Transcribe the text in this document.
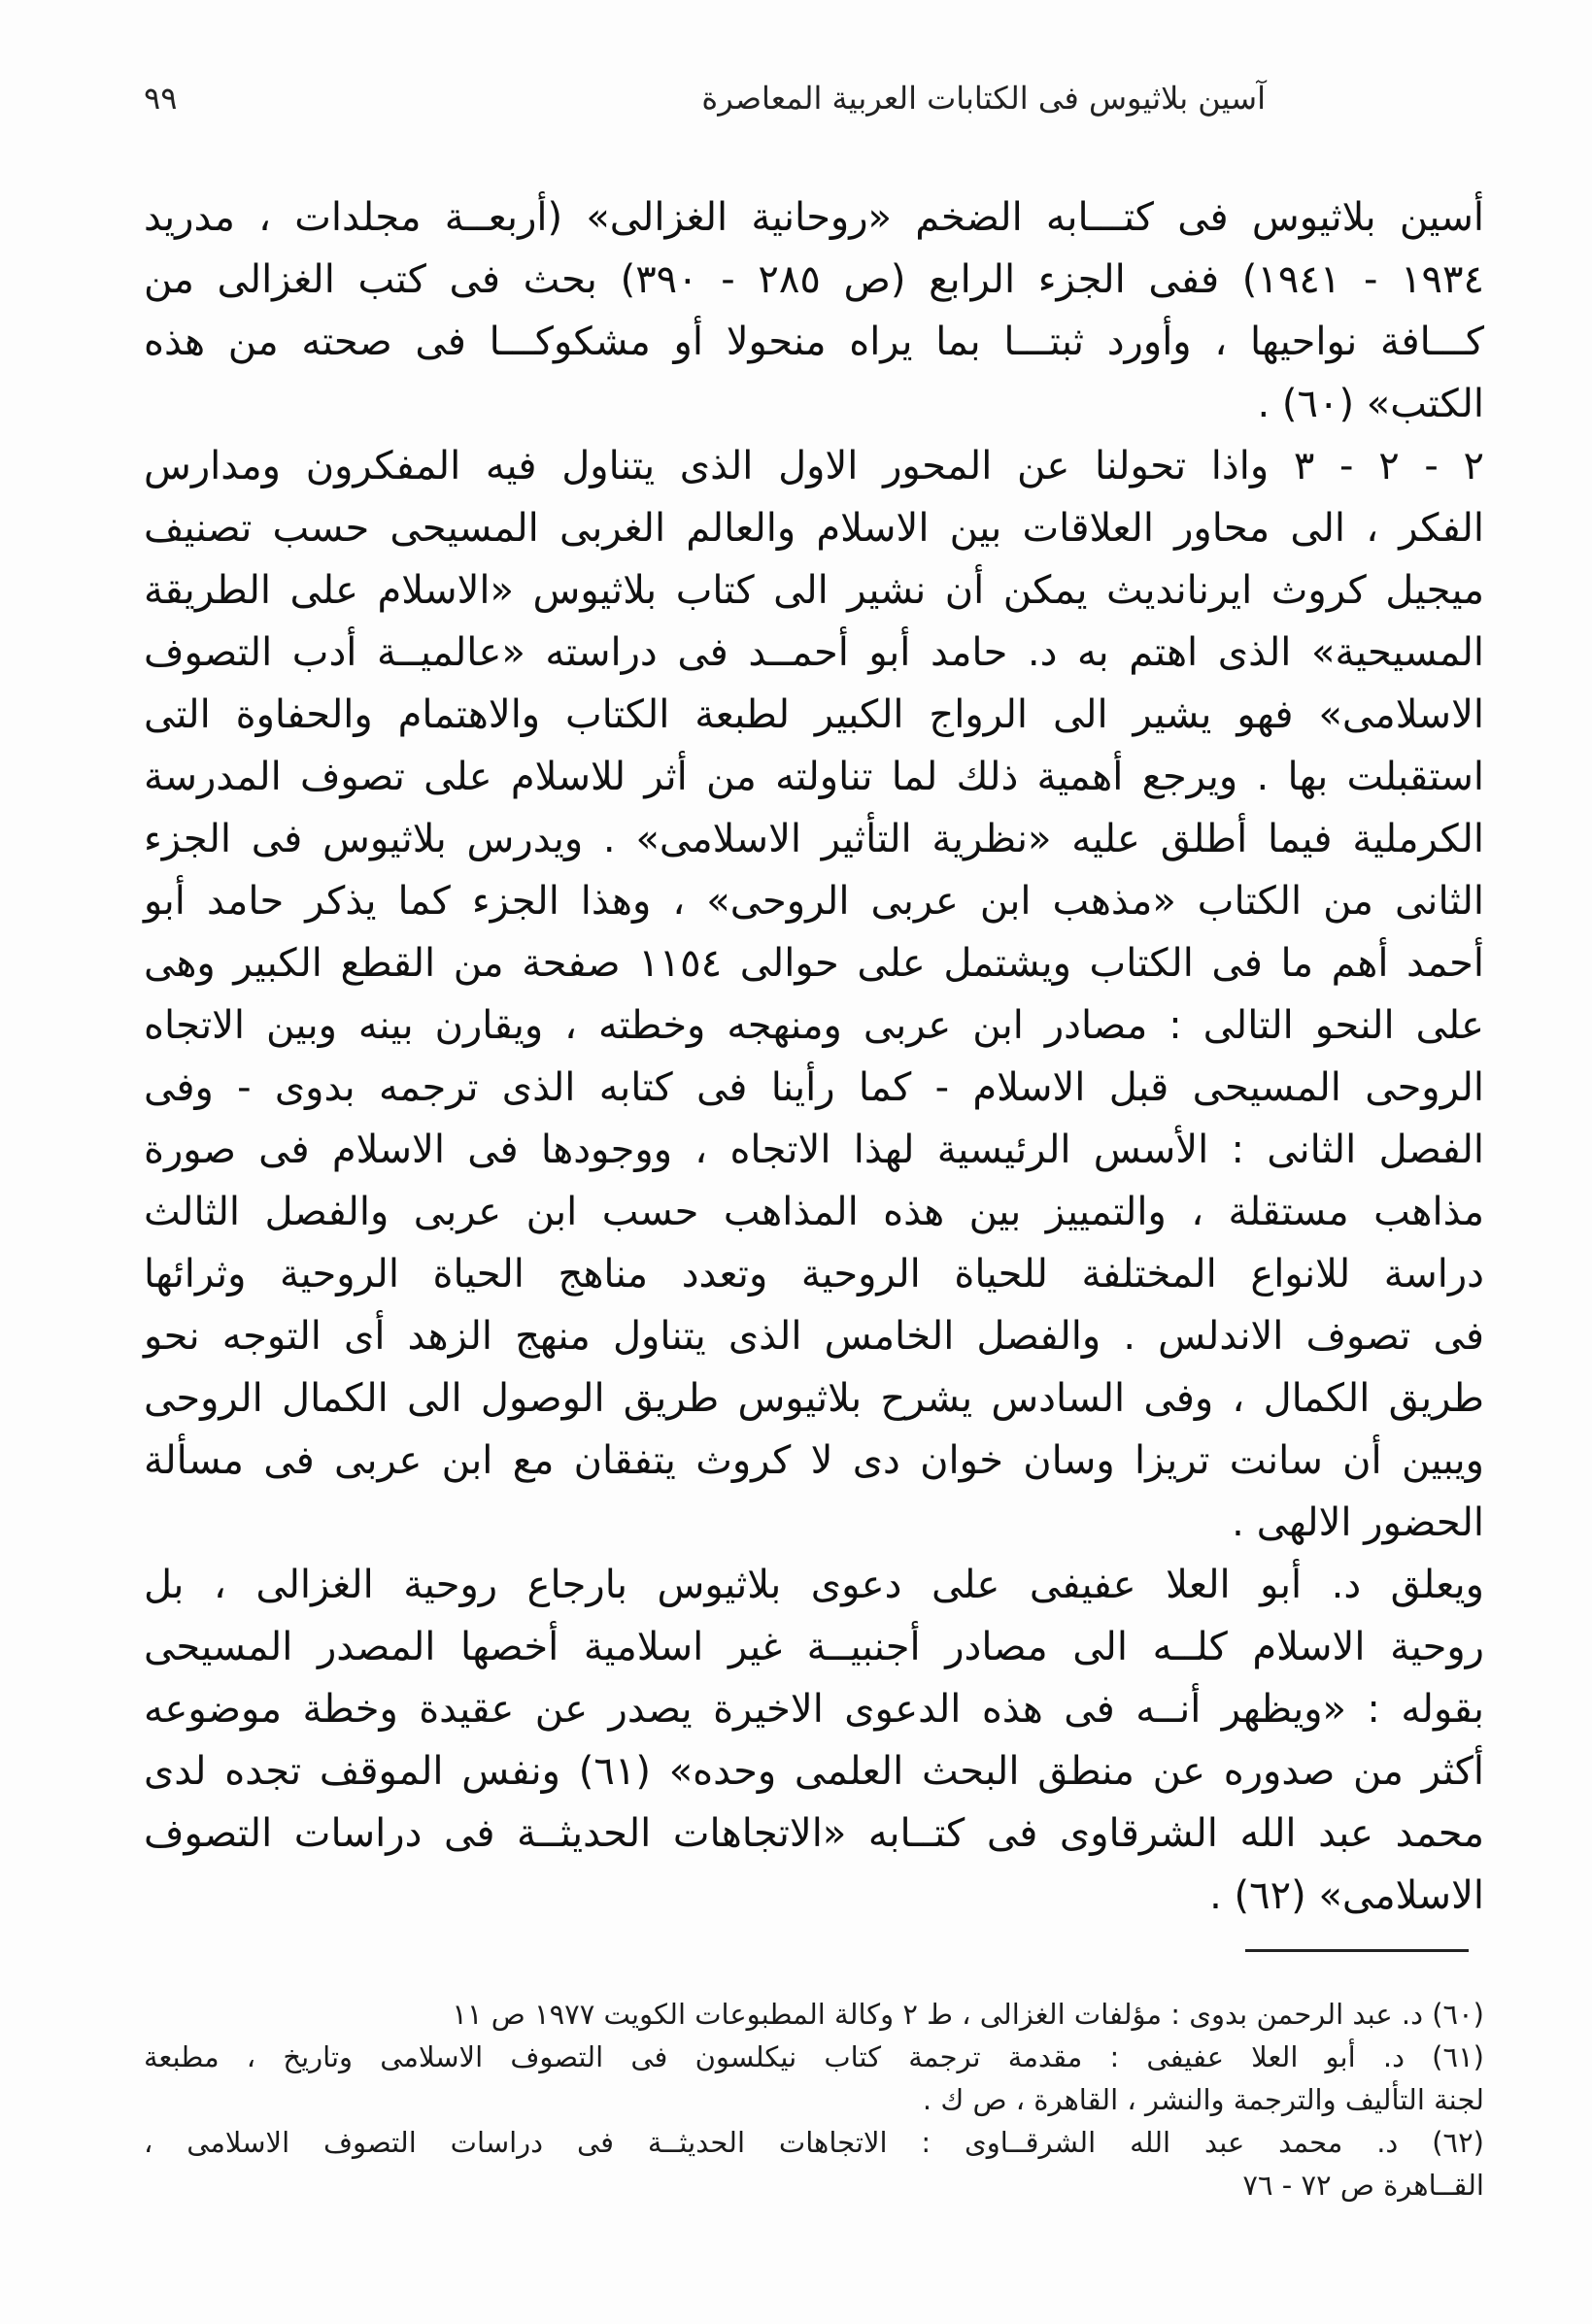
آسين بلاثيوس فى الكتابات العربية المعاصرة
٩٩
أسين بلاثيوس فى كتـــابه الضخم «روحانية الغزالى» (أربعــة مجلدات ، مدريد
١٩٣٤ - ١٩٤١) ففى الجزء الرابع (ص ٢٨٥ - ٣٩٠) بحث فى كتب الغزالى من
كـــافة نواحيها ، وأورد ثبتـــا بما يراه منحولا أو مشكوكـــا فى صحته من هذه
الكتب» (٦٠) .
٢ - ٢ - ٣ واذا تحولنا عن المحور الاول الذى يتناول فيه المفكرون ومدارس
الفكر ، الى محاور العلاقات بين الاسلام والعالم الغربى المسيحى حسب تصنيف
ميجيل كروث ايرناندیث يمكن أن نشير الى كتاب بلاثيوس «الاسلام على الطريقة
المسيحية» الذى اهتم به د. حامد أبو أحمــد فى دراسته «عالميــة أدب التصوف
الاسلامى» فهو يشير الى الرواج الكبير لطبعة الكتاب والاهتمام والحفاوة التى
استقبلت بها . ويرجع أهمية ذلك لما تناولته من أثر للاسلام على تصوف المدرسة
الكرملية فيما أطلق عليه «نظرية التأثير الاسلامى» . ويدرس بلاثيوس فى الجزء
الثانى من الكتاب «مذهب ابن عربى الروحى» ، وهذا الجزء كما يذكر حامد أبو
أحمد أهم ما فى الكتاب ويشتمل على حوالى ١١٥٤ صفحة من القطع الكبير وهى
على النحو التالى : مصادر ابن عربى ومنهجه وخطته ، ويقارن بينه وبين الاتجاه
الروحى المسيحى قبل الاسلام - كما رأينا فى كتابه الذى ترجمه بدوى - وفى
الفصل الثانى : الأسس الرئيسية لهذا الاتجاه ، ووجودها فى الاسلام فى صورة
مذاهب مستقلة ، والتمييز بين هذه المذاهب حسب ابن عربى والفصل الثالث
دراسة للانواع المختلفة للحياة الروحية وتعدد مناهج الحياة الروحية وثرائها
فى تصوف الاندلس . والفصل الخامس الذى يتناول منهج الزهد أى التوجه نحو
طريق الكمال ، وفى السادس يشرح بلاثيوس طريق الوصول الى الكمال الروحى
ويبين أن سانت تريزا وسان خوان دى لا كروث يتفقان مع ابن عربى فى مسألة
الحضور الالهى .
ويعلق د. أبو العلا عفيفى على دعوى بلاثيوس بارجاع روحية الغزالى ، بل
روحية الاسلام كلــه الى مصادر أجنبيــة غير اسلامية أخصها المصدر المسيحى
بقوله : «ويظهر أنــه فى هذه الدعوى الاخيرة يصدر عن عقيدة وخطة موضوعه
أكثر من صدوره عن منطق البحث العلمى وحده» (٦١) ونفس الموقف تجده لدى
محمد عبد الله الشرقاوى فى كتــابه «الاتجاهات الحديثــة فى دراسات التصوف
الاسلامى» (٦٢) .
(٦٠) د. عبد الرحمن بدوى : مؤلفات الغزالى ، ط ٢ وكالة المطبوعات الكويت ١٩٧٧ ص ١١
(٦١) د. أبو العلا عفيفى : مقدمة ترجمة كتاب نيكلسون فى التصوف الاسلامى وتاريخ ، مطبعة
لجنة التأليف والترجمة والنشر ، القاهرة ، ص ك .
(٦٢) د. محمد عبد الله الشرقــاوى : الاتجاهات الحديثــة فى دراسات التصوف الاسلامى ،
القــاهرة ص ٧٢ - ٧٦
